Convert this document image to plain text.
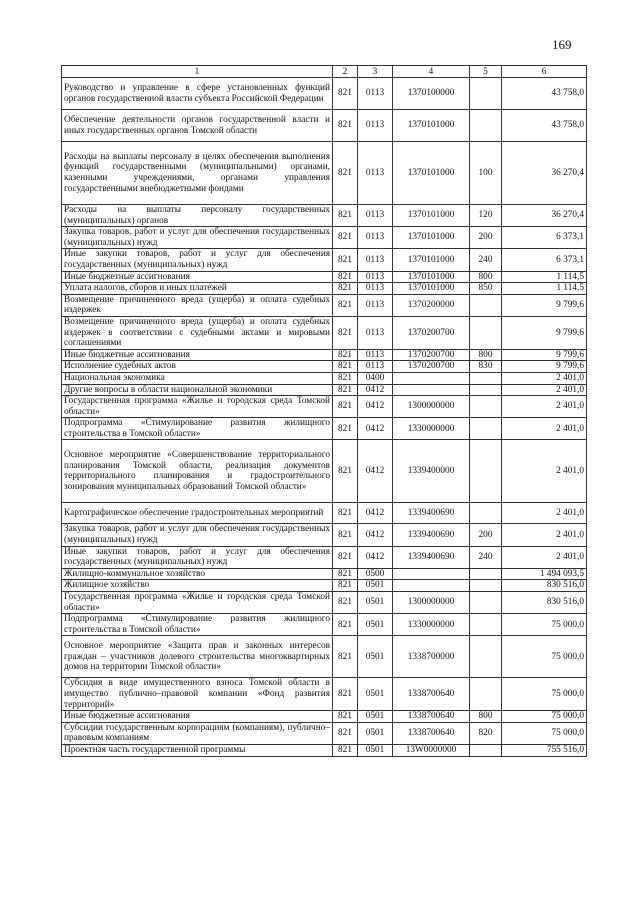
169
1	2	3	4	5	6
Руководство и управление в сфере установленных функций органов государственной власти субъекта Российской Федерации	821	0113	1370100000		43 758,0
Обеспечение деятельности органов государственной власти и иных государственных органов Томской области	821	0113	1370101000		43 758,0
Расходы на выплаты персоналу в целях обеспечения выполнения функций государственными (муниципальными) органами, казенными учреждениями, органами управления государственными внебюджетными фондами	821	0113	1370101000	100	36 270,4
Расходы на выплаты персоналу государственных (муниципальных) органов	821	0113	1370101000	120	36 270,4
Закупка товаров, работ и услуг для обеспечения государственных (муниципальных) нужд	821	0113	1370101000	200	6 373,1
Иные закупки товаров, работ и услуг для обеспечения государственных (муниципальных) нужд	821	0113	1370101000	240	6 373,1
Иные бюджетные ассигнования	821	0113	1370101000	800	1 114,5
Уплата налогов, сборов и иных платежей	821	0113	1370101000	850	1 114,5
Возмещение причиненного вреда (ущерба) и оплата судебных издержек	821	0113	1370200000		9 799,6
Возмещение причиненного вреда (ущерба) и оплата судебных издержек в соответствии с судебными актами и мировыми соглашениями	821	0113	1370200700		9 799,6
Иные бюджетные ассигнования	821	0113	1370200700	800	9 799,6
Исполнение судебных актов	821	0113	1370200700	830	9 799,6
Национальная экономика	821	0400			2 401,0
Другие вопросы в области национальной экономики	821	0412			2 401,0
Государственная программа «Жилье и городская среда Томской области»	821	0412	1300000000		2 401,0
Подпрограмма «Стимулирование развития жилищного строительства в Томской области»	821	0412	1330000000		2 401,0
Основное мероприятие «Совершенствование территориального планирования Томской области, реализация документов территориального планирования и градостроительного зонирования муниципальных образований Томской области»	821	0412	1339400000		2 401,0
Картографическое обеспечение градостроительных мероприятий	821	0412	1339400690		2 401,0
Закупка товаров, работ и услуг для обеспечения государственных (муниципальных) нужд	821	0412	1339400690	200	2 401,0
Иные закупки товаров, работ и услуг для обеспечения государственных (муниципальных) нужд	821	0412	1339400690	240	2 401,0
Жилищно-коммунальное хозяйство	821	0500			1 494 093,5
Жилищное хозяйство	821	0501			830 516,0
Государственная программа «Жилье и городская среда Томской области»	821	0501	1300000000		830 516,0
Подпрограмма «Стимулирование развития жилищного строительства в Томской области»	821	0501	1330000000		75 000,0
Основное мероприятие «Защита прав и законных интересов граждан – участников долевого строительства многоквартирных домов на территории Томской области»	821	0501	1338700000		75 000,0
Субсидия в виде имущественного взноса Томской области в имущество публично–правовой компании «Фонд развития территорий»	821	0501	1338700640		75 000,0
Иные бюджетные ассигнования	821	0501	1338700640	800	75 000,0
Субсидии государственным корпорациям (компаниям), публично–правовым компаниям	821	0501	1338700640	820	75 000,0
Проектная часть государственной программы	821	0501	13W0000000		755 516,0
